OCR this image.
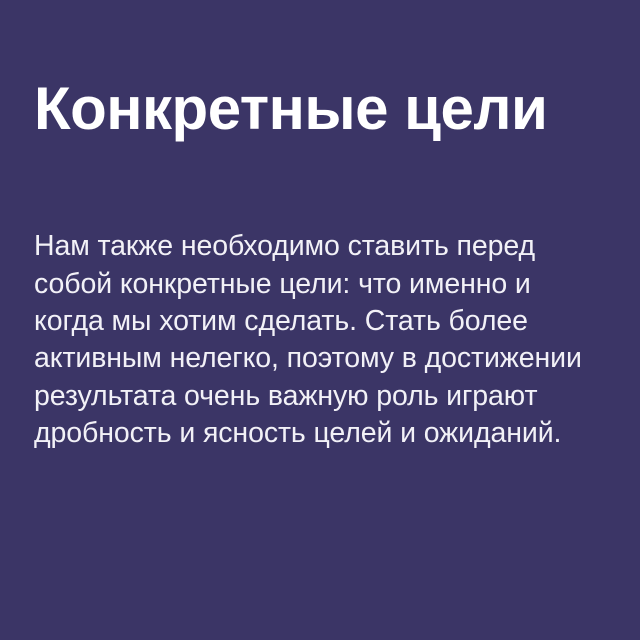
Конкретные цели

Нам также необходимо ставить перед собой конкретные цели: что именно и когда мы хотим сделать. Стать более активным нелегко, поэтому в достижении результата очень важную роль играют дробность и ясность целей и ожиданий.
